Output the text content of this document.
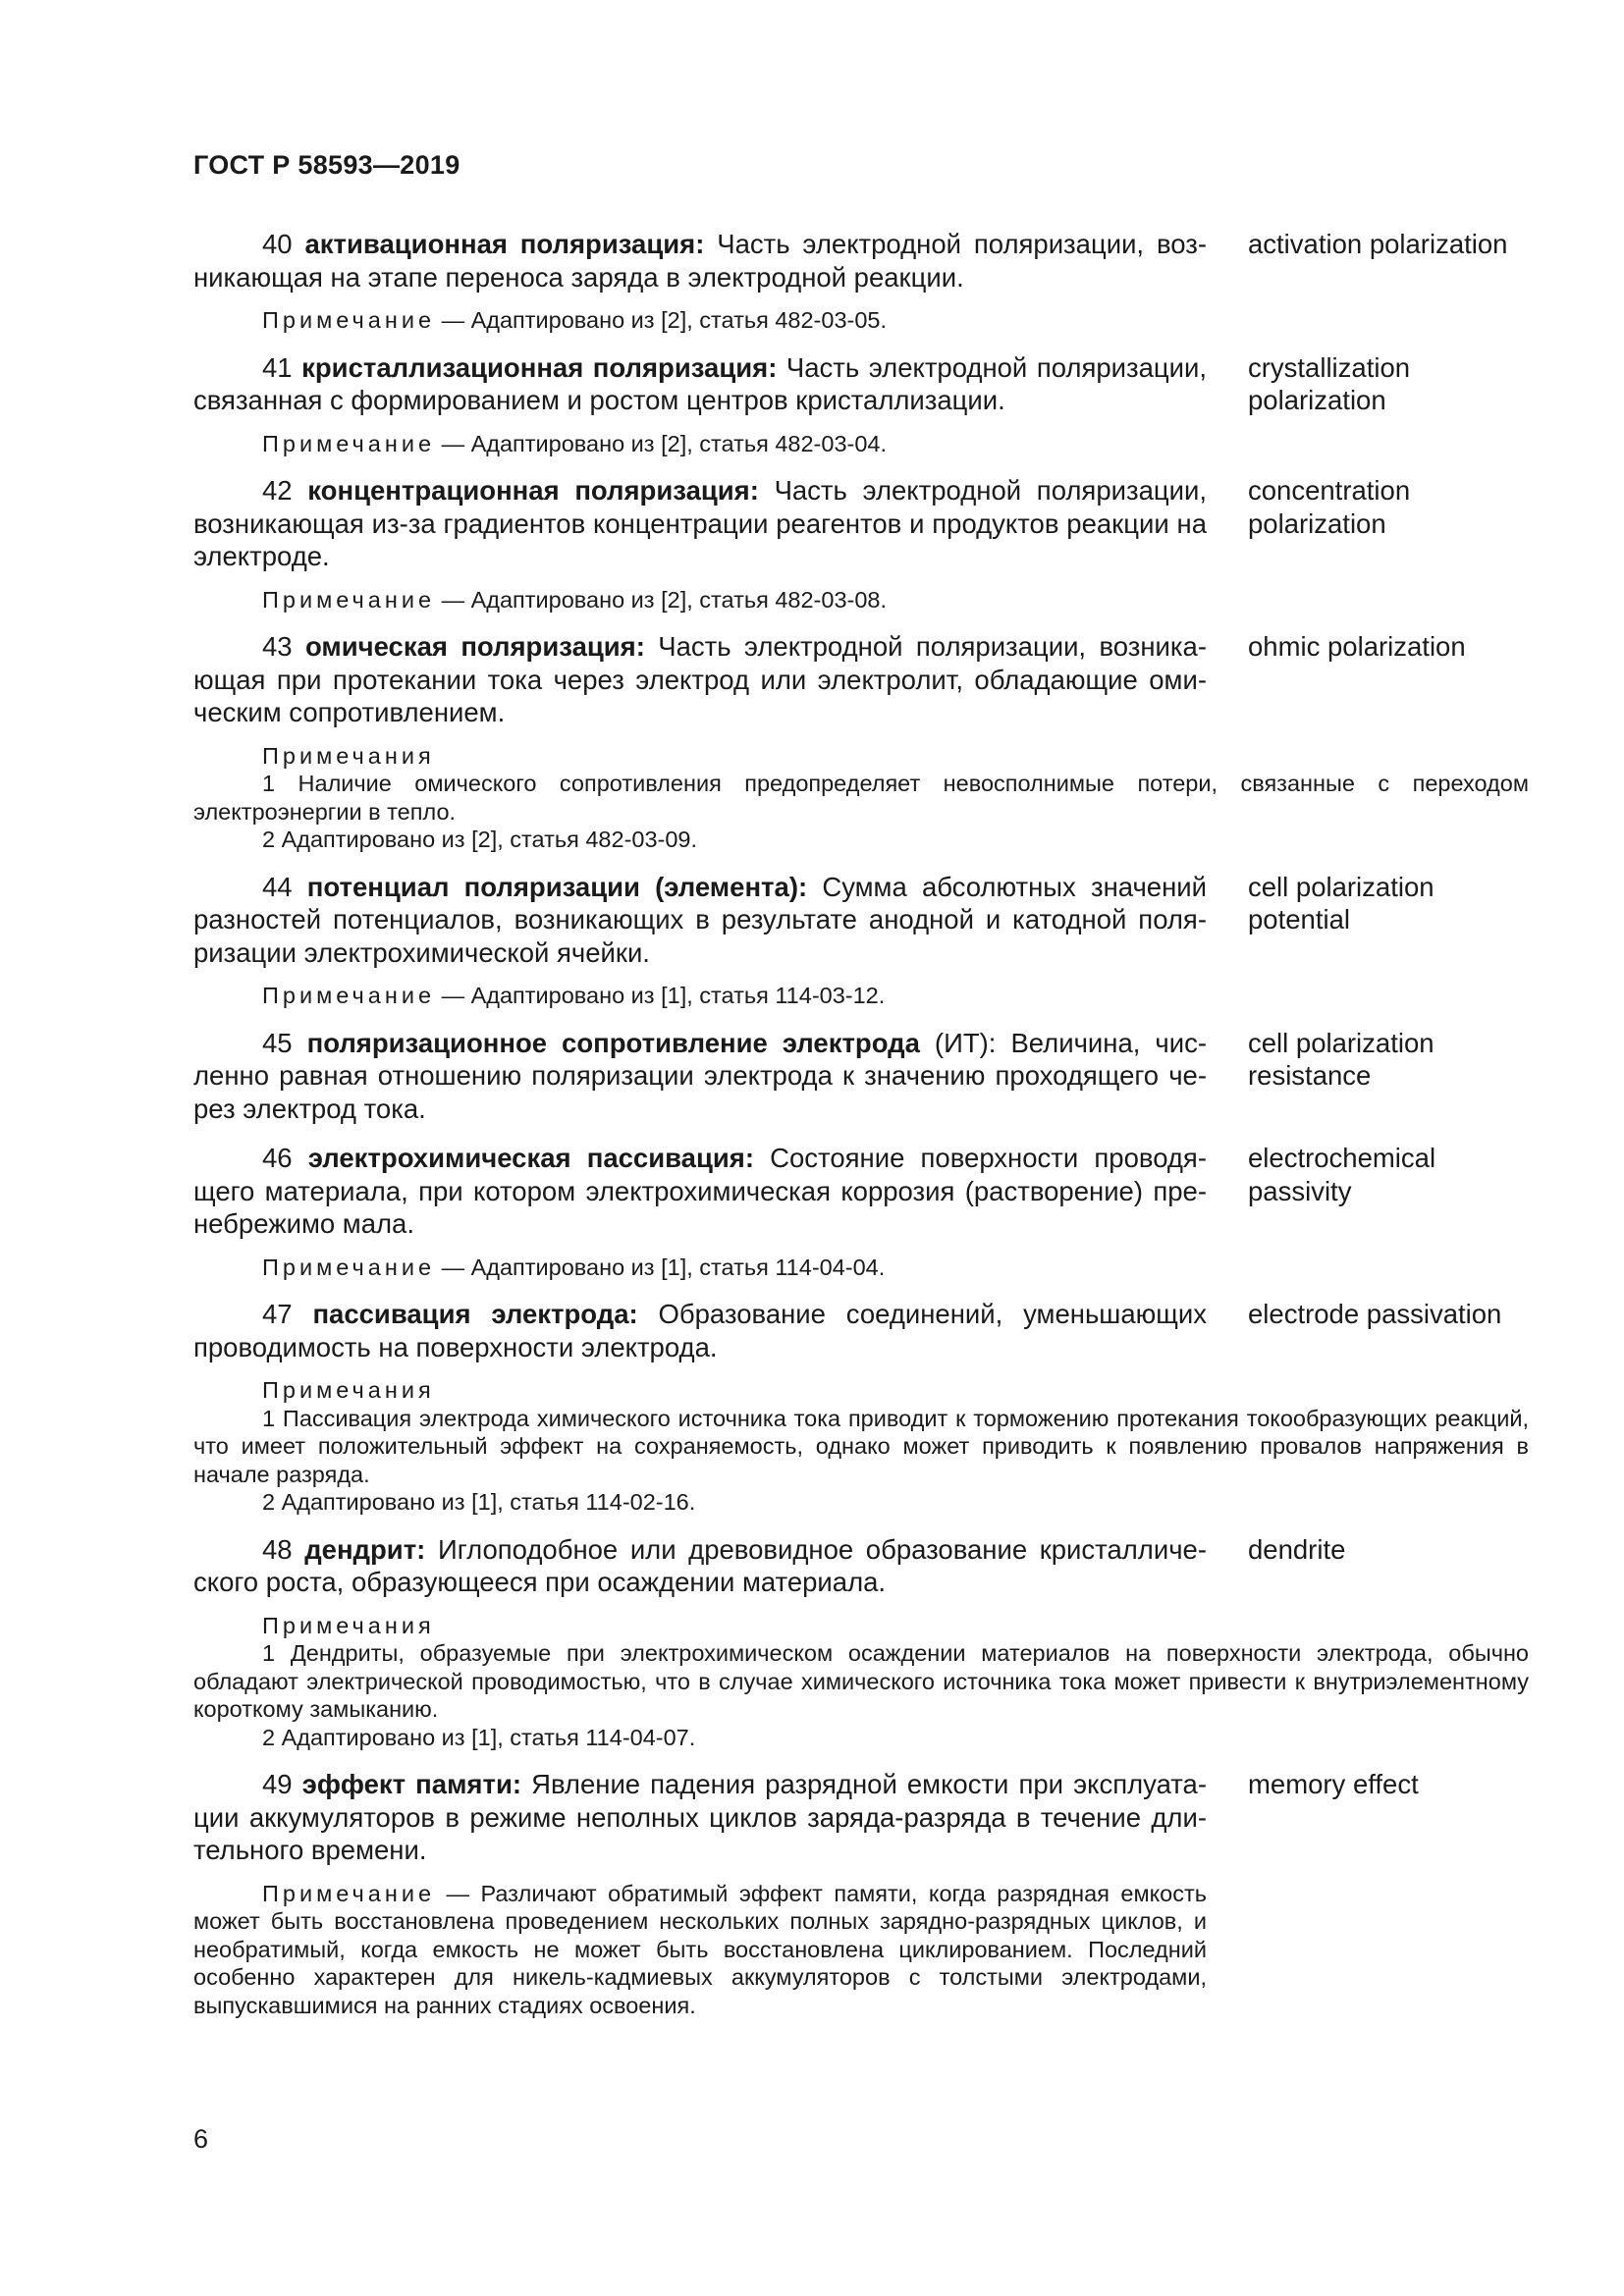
ГОСТ Р 58593—2019

40 активационная поляризация: Часть электродной поляризации, возникающая на этапе переноса заряда в электродной реакции.

activation polarization

Примечание — Адаптировано из [2], статья 482-03-05.

41 кристаллизационная поляризация: Часть электродной поляризации, связанная с формированием и ростом центров кристаллизации.

crystallization
polarization

Примечание — Адаптировано из [2], статья 482-03-04.

42 концентрационная поляризация: Часть электродной поляризации, возникающая из-за градиентов концентрации реагентов и продуктов реакции на электроде.

concentration
polarization

Примечание — Адаптировано из [2], статья 482-03-08.

43 омическая поляризация: Часть электродной поляризации, возникающая при протекании тока через электрод или электролит, обладающие омическим сопротивлением.

ohmic polarization

Примечания

1 Наличие омического сопротивления предопределяет невосполнимые потери, связанные с переходом электроэнергии в тепло.

2 Адаптировано из [2], статья 482-03-09.

44 потенциал поляризации (элемента): Сумма абсолютных значений разностей потенциалов, возникающих в результате анодной и катодной поляризации электрохимической ячейки.

cell polarization
potential

Примечание — Адаптировано из [1], статья 114-03-12.

45 поляризационное сопротивление электрода (ИТ): Величина, численно равная отношению поляризации электрода к значению проходящего через электрод тока.

cell polarization
resistance

46 электрохимическая пассивация: Состояние поверхности проводящего материала, при котором электрохимическая коррозия (растворение) пренебрежимо мала.

electrochemical
passivity

Примечание — Адаптировано из [1], статья 114-04-04.

47 пассивация электрода: Образование соединений, уменьшающих проводимость на поверхности электрода.

electrode passivation

Примечания

1 Пассивация электрода химического источника тока приводит к торможению протекания токообразующих реакций, что имеет положительный эффект на сохраняемость, однако может приводить к появлению провалов напряжения в начале разряда.

2 Адаптировано из [1], статья 114-02-16.

48 дендрит: Иглоподобное или древовидное образование кристаллического роста, образующееся при осаждении материала.

dendrite

Примечания

1 Дендриты, образуемые при электрохимическом осаждении материалов на поверхности электрода, обычно обладают электрической проводимостью, что в случае химического источника тока может привести к внутриэлементному короткому замыканию.

2 Адаптировано из [1], статья 114-04-07.

49 эффект памяти: Явление падения разрядной емкости при эксплуатации аккумуляторов в режиме неполных циклов заряда-разряда в течение длительного времени.

memory effect

Примечание — Различают обратимый эффект памяти, когда разрядная емкость может быть восстановлена проведением нескольких полных зарядно-разрядных циклов, и необратимый, когда емкость не может быть восстановлена циклированием. Последний особенно характерен для никель-кадмиевых аккумуляторов с толстыми электродами, выпускавшимися на ранних стадиях освоения.

6
